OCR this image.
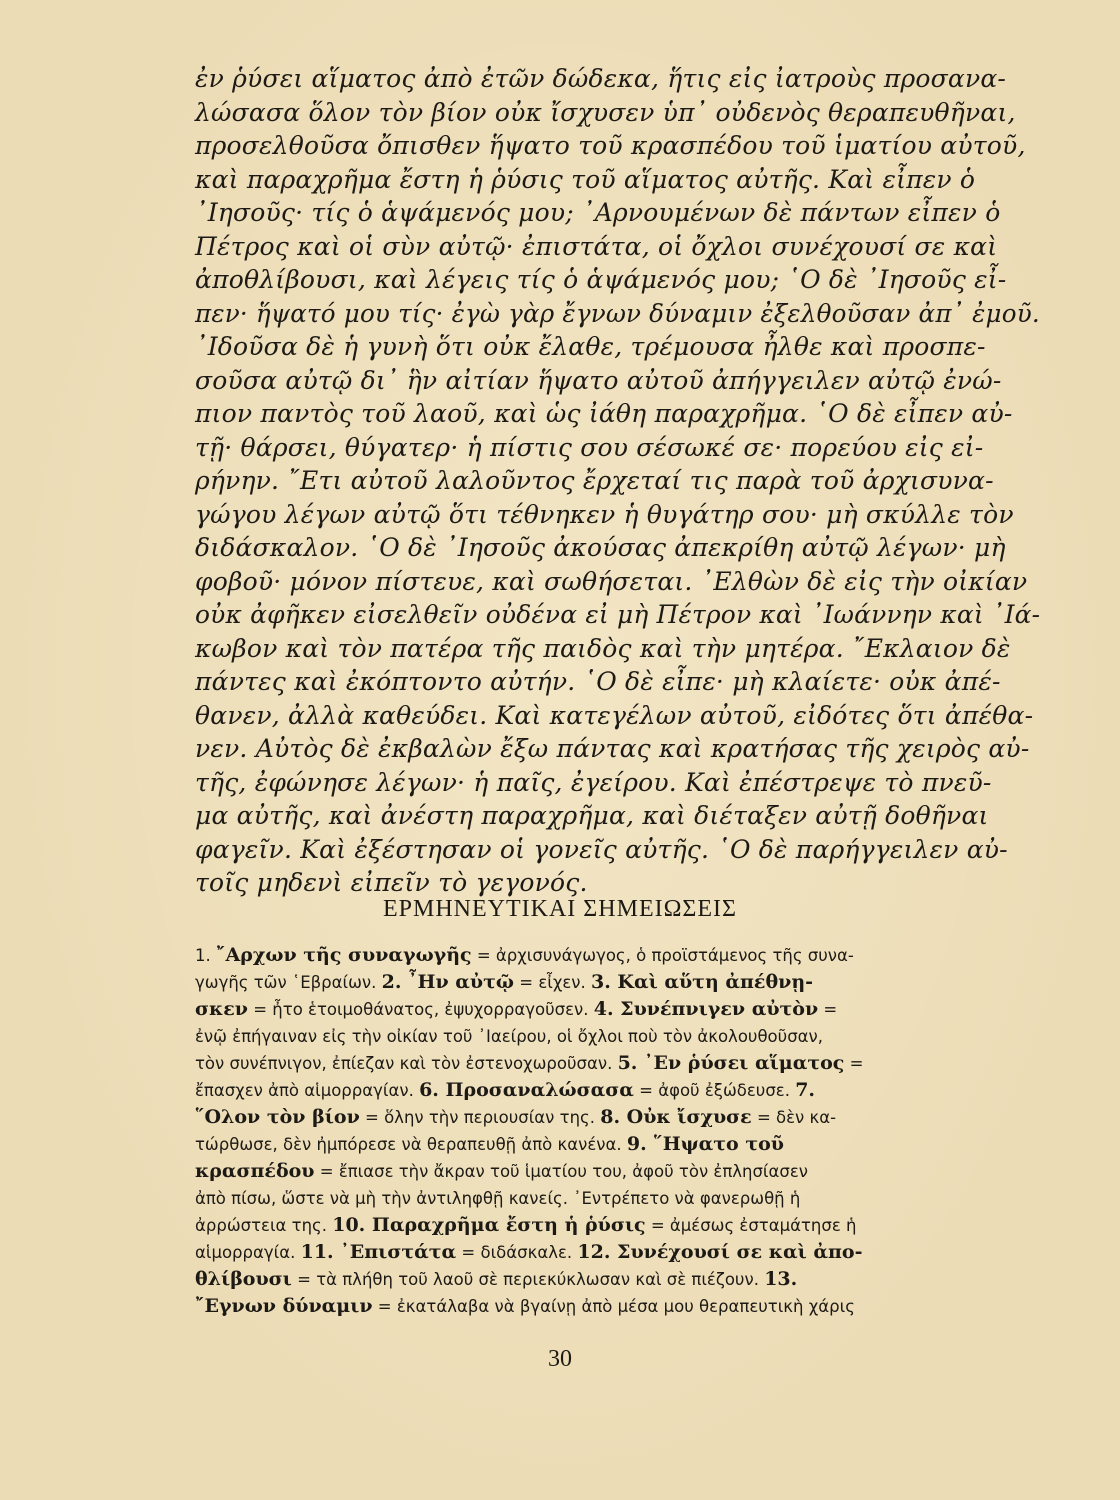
ἐν ῥύσει αἵματος ἀπὸ ἐτῶν δώδεκα, ἥτις εἰς ἰατροὺς προσανα-
λώσασα ὅλον τὸν βίον οὐκ ἴσχυσεν ὑπ᾿ οὐδενὸς θεραπευθῆναι,
προσελθοῦσα ὄπισθεν ἥψατο τοῦ κρασπέδου τοῦ ἱματίου αὐτοῦ,
καὶ παραχρῆμα ἔστη ἡ ῥύσις τοῦ αἵματος αὐτῆς. Καὶ εἶπεν ὁ
᾿Ιησοῦς· τίς ὁ ἁψάμενός μου; ᾿Αρνουμένων δὲ πάντων εἶπεν ὁ
Πέτρος καὶ οἱ σὺν αὐτῷ· ἐπιστάτα, οἱ ὄχλοι συνέχουσί σε καὶ
ἀποθλίβουσι, καὶ λέγεις τίς ὁ ἁψάμενός μου; ῾Ο δὲ ᾿Ιησοῦς εἶ-
πεν· ἥψατό μου τίς· ἐγὼ γὰρ ἔγνων δύναμιν ἐξελθοῦσαν ἀπ᾿ ἐμοῦ.
᾿Ιδοῦσα δὲ ἡ γυνὴ ὅτι οὐκ ἔλαθε, τρέμουσα ἦλθε καὶ προσπε-
σοῦσα αὐτῷ δι᾿ ἣν αἰτίαν ἥψατο αὐτοῦ ἀπήγγειλεν αὐτῷ ἐνώ-
πιον παντὸς τοῦ λαοῦ, καὶ ὡς ἰάθη παραχρῆμα. ῾Ο δὲ εἶπεν αὐ-
τῇ· θάρσει, θύγατερ· ἡ πίστις σου σέσωκέ σε· πορεύου εἰς εἰ-
ρήνην. ῎Ετι αὐτοῦ λαλοῦντος ἔρχεταί τις παρὰ τοῦ ἀρχισυνα-
γώγου λέγων αὐτῷ ὅτι τέθνηκεν ἡ θυγάτηρ σου· μὴ σκύλλε τὸν
διδάσκαλον. ῾Ο δὲ ᾿Ιησοῦς ἀκούσας ἀπεκρίθη αὐτῷ λέγων· μὴ
φοβοῦ· μόνον πίστευε, καὶ σωθήσεται. ᾿Ελθὼν δὲ εἰς τὴν οἰκίαν
οὐκ ἀφῆκεν εἰσελθεῖν οὐδένα εἰ μὴ Πέτρον καὶ ᾿Ιωάννην καὶ ᾿Ιά-
κωβον καὶ τὸν πατέρα τῆς παιδὸς καὶ τὴν μητέρα. ῎Εκλαιον δὲ
πάντες καὶ ἐκόπτοντο αὐτήν. ῾Ο δὲ εἶπε· μὴ κλαίετε· οὐκ ἀπέ-
θανεν, ἀλλὰ καθεύδει. Καὶ κατεγέλων αὐτοῦ, εἰδότες ὅτι ἀπέθα-
νεν. Αὐτὸς δὲ ἐκβαλὼν ἔξω πάντας καὶ κρατήσας τῆς χειρὸς αὐ-
τῆς, ἐφώνησε λέγων· ἡ παῖς, ἐγείρου. Καὶ ἐπέστρεψε τὸ πνεῦ-
μα αὐτῆς, καὶ ἀνέστη παραχρῆμα, καὶ διέταξεν αὐτῇ δοθῆναι
φαγεῖν. Καὶ ἐξέστησαν οἱ γονεῖς αὐτῆς. ῾Ο δὲ παρήγγειλεν αὐ-
τοῖς μηδενὶ εἰπεῖν τὸ γεγονός.
ΕΡΜΗΝΕΥΤΙΚΑΙ ΣΗΜΕΙΩΣΕΙΣ
1. ῎Αρχων τῆς συναγωγῆς = ἀρχισυνάγωγος, ὁ προϊστάμενος τῆς συνα-
γωγῆς τῶν ῾Εβραίων. 2. ῏Ην αὐτῷ = εἶχεν. 3. Καὶ αὕτη ἀπέθνῃ-
σκεν = ἦτο ἑτοιμοθάνατος, ἐψυχορραγοῦσεν. 4. Συνέπνιγεν αὐτὸν =
ἐνῷ ἐπήγαιναν εἰς τὴν οἰκίαν τοῦ ᾿Ιαείρου, οἱ ὄχλοι ποὺ τὸν ἀκολουθοῦσαν,
τὸν συνέπνιγον, ἐπίεζαν καὶ τὸν ἐστενοχωροῦσαν. 5. ᾿Εν ῥύσει αἵματος =
ἔπασχεν ἀπὸ αἱμορραγίαν. 6. Προσαναλώσασα = ἀφοῦ ἐξώδευσε. 7.
῞Ολον τὸν βίον = ὅλην τὴν περιουσίαν της. 8. Οὐκ ἴσχυσε = δὲν κα-
τώρθωσε, δὲν ἠμπόρεσε νὰ θεραπευθῇ ἀπὸ κανένα. 9. ῞Ηψατο τοῦ
κρασπέδου = ἔπιασε τὴν ἄκραν τοῦ ἱματίου του, ἀφοῦ τὸν ἐπλησίασεν
ἀπὸ πίσω, ὥστε νὰ μὴ τὴν ἀντιληφθῇ κανείς. ᾿Εντρέπετο νὰ φανερωθῇ ἡ
ἀρρώστεια της. 10. Παραχρῆμα ἔστη ἡ ῥύσις = ἀμέσως ἐσταμάτησε ἡ
αἱμορραγία. 11. ᾿Επιστάτα = διδάσκαλε. 12. Συνέχουσί σε καὶ ἀπο-
θλίβουσι = τὰ πλήθη τοῦ λαοῦ σὲ περιεκύκλωσαν καὶ σὲ πιέζουν. 13.
῎Εγνων δύναμιν = ἐκατάλαβα νὰ βγαίνῃ ἀπὸ μέσα μου θεραπευτικὴ χάρις
30
